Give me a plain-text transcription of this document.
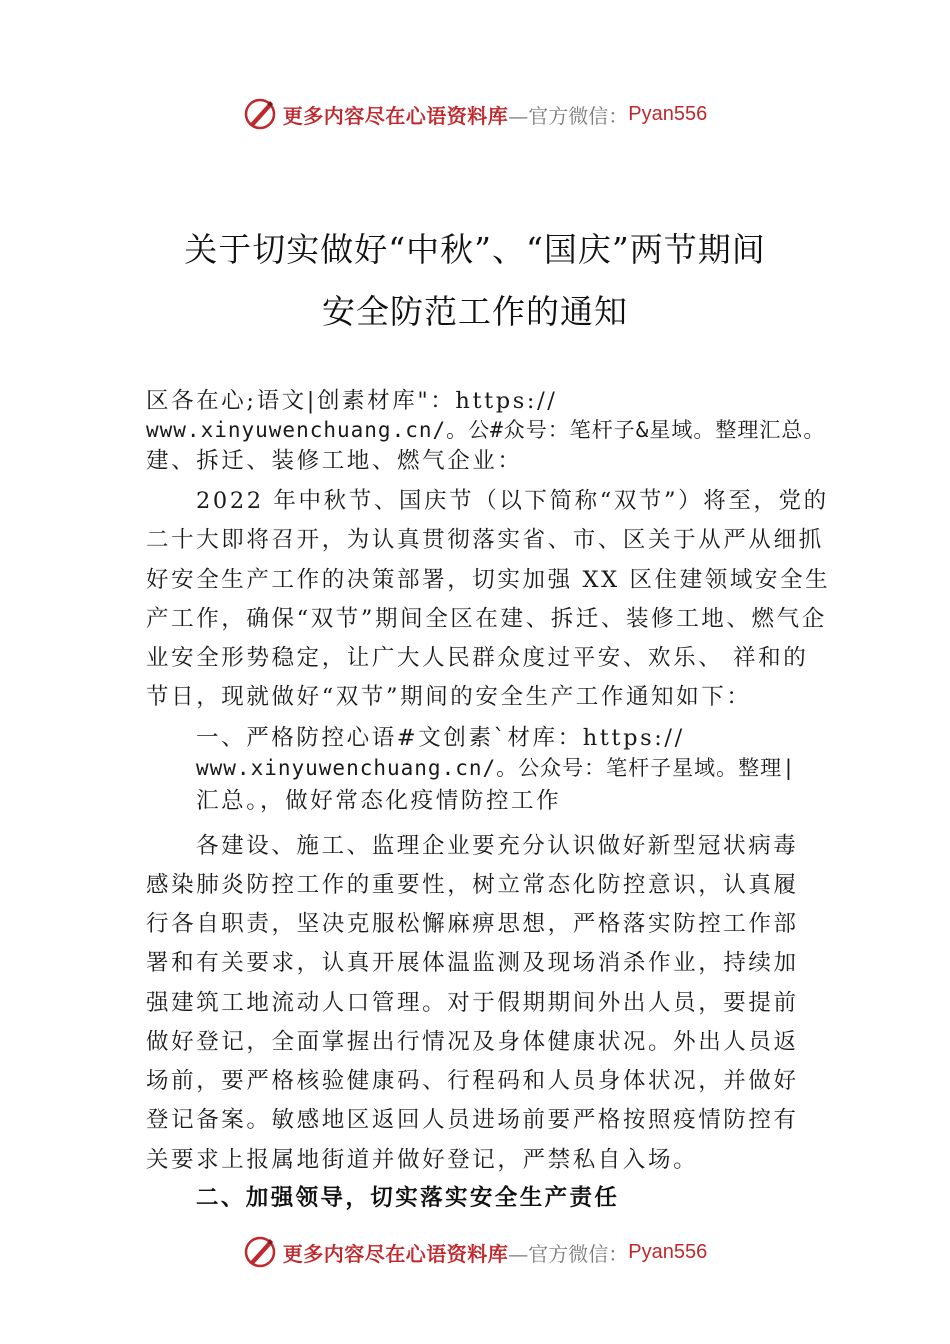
更多内容尽在心语资料库 —官方微信： Pyan556
关于切实做好“中秋”、“国庆”两节期间
安全防范工作的通知
区各在心;语文|创素材库"：https://
www.xinyuwenchuang.cn/。公#众号：笔杆子&星域。整理汇总。
建、拆迁、装修工地、燃气企业：
2022 年中秋节、国庆节（以下简称“双节”）将至，党的
二十大即将召开，为认真贯彻落实省、市、区关于从严从细抓
好安全生产工作的决策部署，切实加强 XX 区住建领域安全生
产工作，确保“双节”期间全区在建、拆迁、装修工地、燃气企
业安全形势稳定，让广大人民群众度过平安、欢乐、 祥和的
节日，现就做好“双节”期间的安全生产工作通知如下：
一、严格防控心语#文创素`材库：https://
www.xinyuwenchuang.cn/。公众号：笔杆子星域。整理|
汇总。，做好常态化疫情防控工作
各建设、施工、监理企业要充分认识做好新型冠状病毒
感染肺炎防控工作的重要性，树立常态化防控意识，认真履
行各自职责，坚决克服松懈麻痹思想，严格落实防控工作部
署和有关要求，认真开展体温监测及现场消杀作业，持续加
强建筑工地流动人口管理。对于假期期间外出人员，要提前
做好登记，全面掌握出行情况及身体健康状况。外出人员返
场前，要严格核验健康码、行程码和人员身体状况，并做好
登记备案。敏感地区返回人员进场前要严格按照疫情防控有
关要求上报属地街道并做好登记，严禁私自入场。
二、加强领导，切实落实安全生产责任
更多内容尽在心语资料库 —官方微信： Pyan556
